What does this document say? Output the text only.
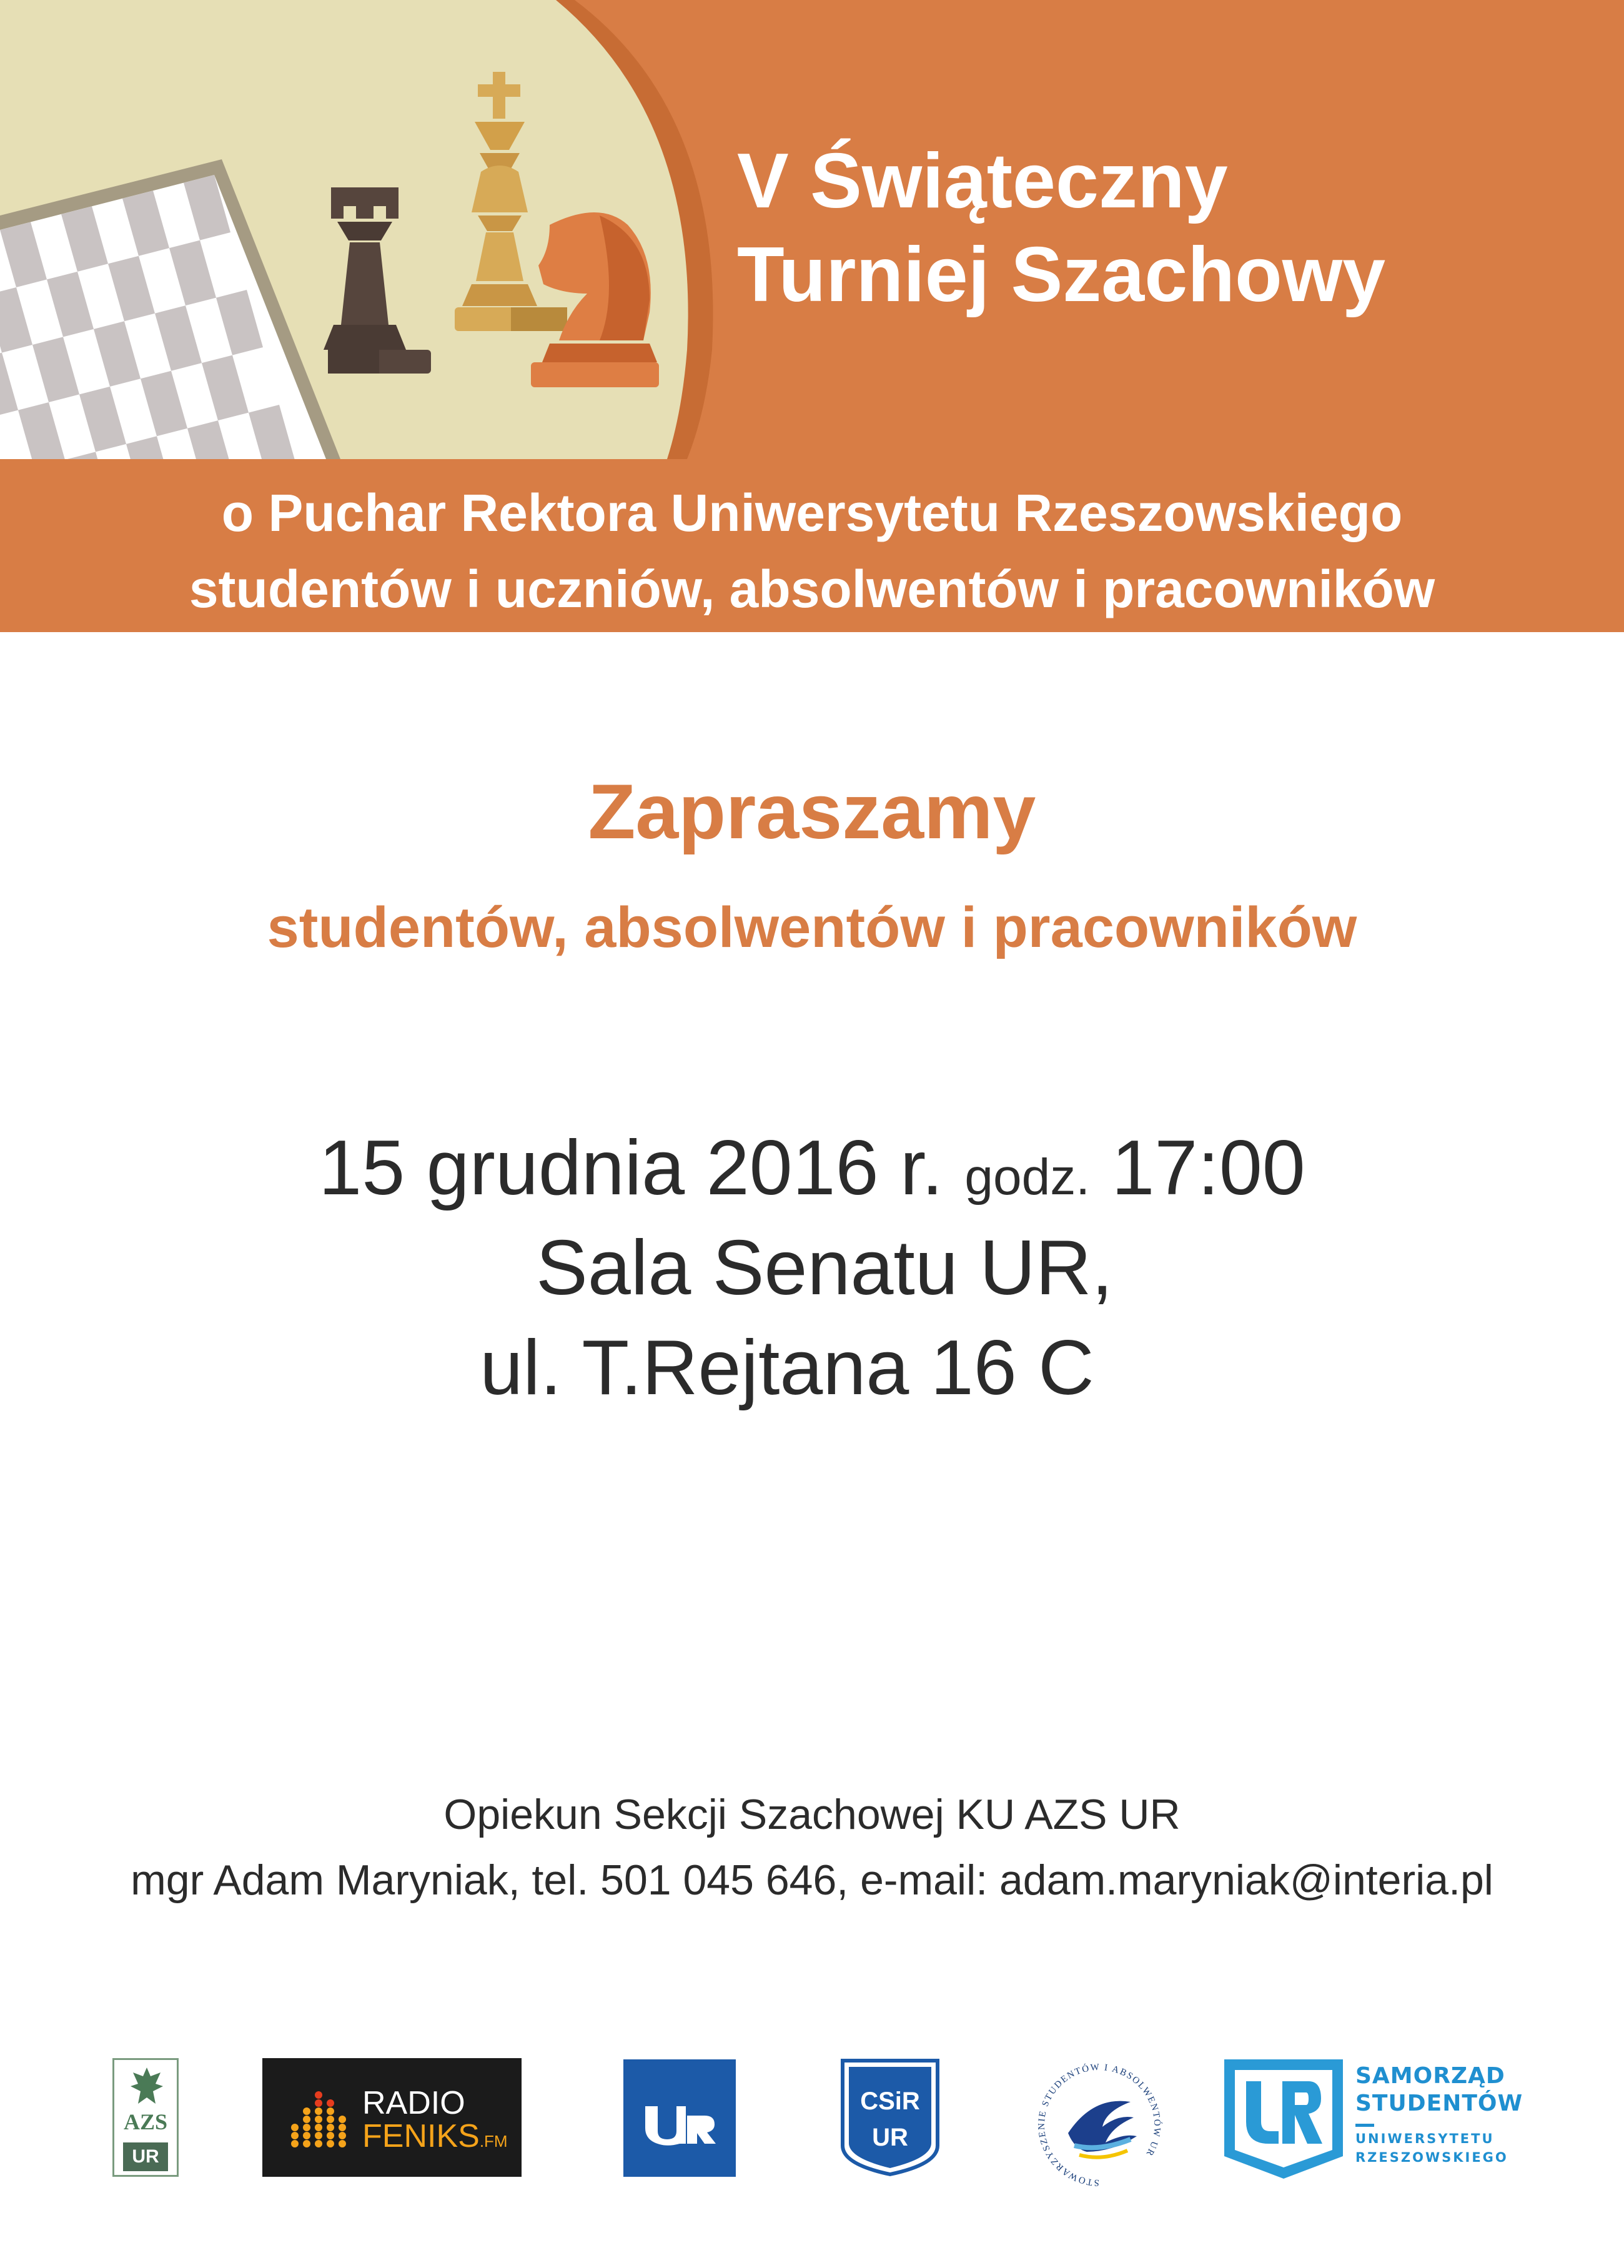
V Świąteczny
Turniej Szachowy
o Puchar Rektora Uniwersytetu Rzeszowskiego
studentów i uczniów, absolwentów i pracowników
Zapraszamy
studentów, absolwentów i pracowników
15 grudnia 2016 r. godz. 17:00
Sala Senatu UR,
ul. T.Rejtana 16 C
Opiekun Sekcji Szachowej KU AZS UR
mgr Adam Maryniak, tel. 501 045 646, e-mail: adam.maryniak@interia.pl
AZS
UR
RADIO
FENIKS.FM
CSiR
UR
STOWARZYSZENIE STUDENTÓW I ABSOLWENTÓW UR
SAMORZĄD
STUDENTÓW
UNIWERSYTETU
RZESZOWSKIEGO
